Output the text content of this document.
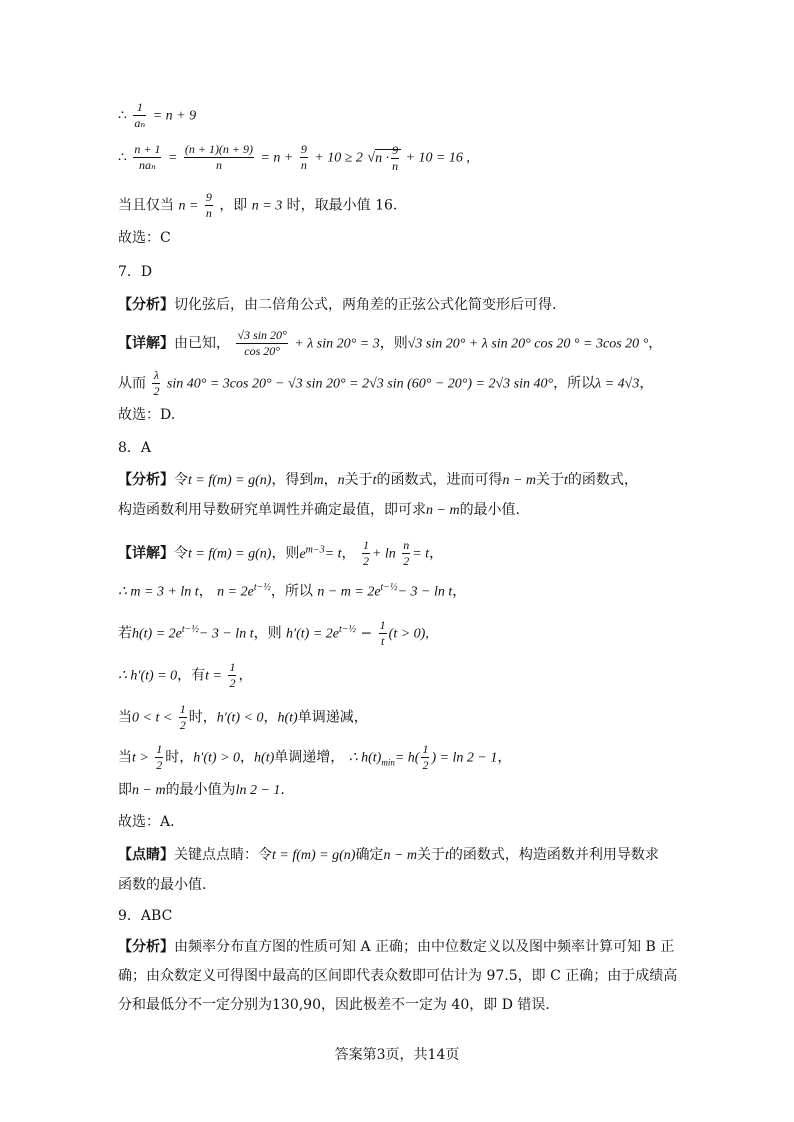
∴ $\frac{1}{\text{aₙ}} = n + 9$
∴ $\frac{n + 1}{\text{naₙ}} = \frac{(n + 1)(n + 9)}{n} = n + \frac{9}{n} + 10 \ge 2$ $√n \cdot \frac{9}{n} + 10 = 16$ ,
当且仅当 $n = \frac{9}{n}$ ，即 n = 3 时，取最小值 16.
故选：C
7．D
【分析】切化弦后，由二倍角公式，两角差的正弦公式化简变形后可得.
【详解】由已知， $\frac{√3 \sin 20^\circ}{\cos 20^\circ} + \lambda$ sin 20° = 3，则√3 sin 20° + λ sin 20° cos 20 ° = 3cos 20 °，
从而 $\frac{\lambda}{2}$ sin 40° = 3cos 20° − √3 sin 20° = 2√3 sin (60° − 20°) = 2√3 sin 40°，所以λ = 4√3，
故选：D.
8．A
【分析】令t = f(m) = g(n)，得到m，n关于t的函数式，进而可得n − m关于t的函数式，
构造函数利用导数研究单调性并确定最值，即可求n − m的最小值.
【详解】令t = f(m) = g(n)，则$e^{m-3}= t$， $\frac{1}{2} + \ln \frac{n}{2} = t$，
∴ m = 3 + ln t， $n = 2e^{t-\frac{1}{2}}$，所以 $n - m = 2e^{t-\frac{1}{2}}- 3 - \ln t$，
若$h(t) = 2e^{t-\frac{1}{2}}- 3 - \ln t$，则 $h'(t) = 2e^{t-\frac{1}{2}} - \frac{1}{t} (t > 0)$,
∴ h′(t) = 0，有$t = \frac{1}{2}$ ，
当$0 < t < \frac{1}{2}$ 时，h′(t) < 0，h(t)单调递减，
当$t > \frac{1}{2}$ 时，h′(t) > 0，h(t)单调递增， ∴ $h(t)_{min}= h( \frac{1}{2}$ ) = ln 2 − 1，
即n − m的最小值为ln 2 − 1.
故选：A.
【点睛】关键点点睛：令t = f(m) = g(n)确定n − m关于t的函数式，构造函数并利用导数求
函数的最小值.
9．ABC
【分析】由频率分布直方图的性质可知 A 正确；由中位数定义以及图中频率计算可知 B 正确；由众数定义可得图中最高的区间即代表众数即可估计为 97.5，即 C 正确；由于成绩高分和最低分不一定分别为130,90，因此极差不一定为 40，即 D 错误.
答案第3页，共14页
